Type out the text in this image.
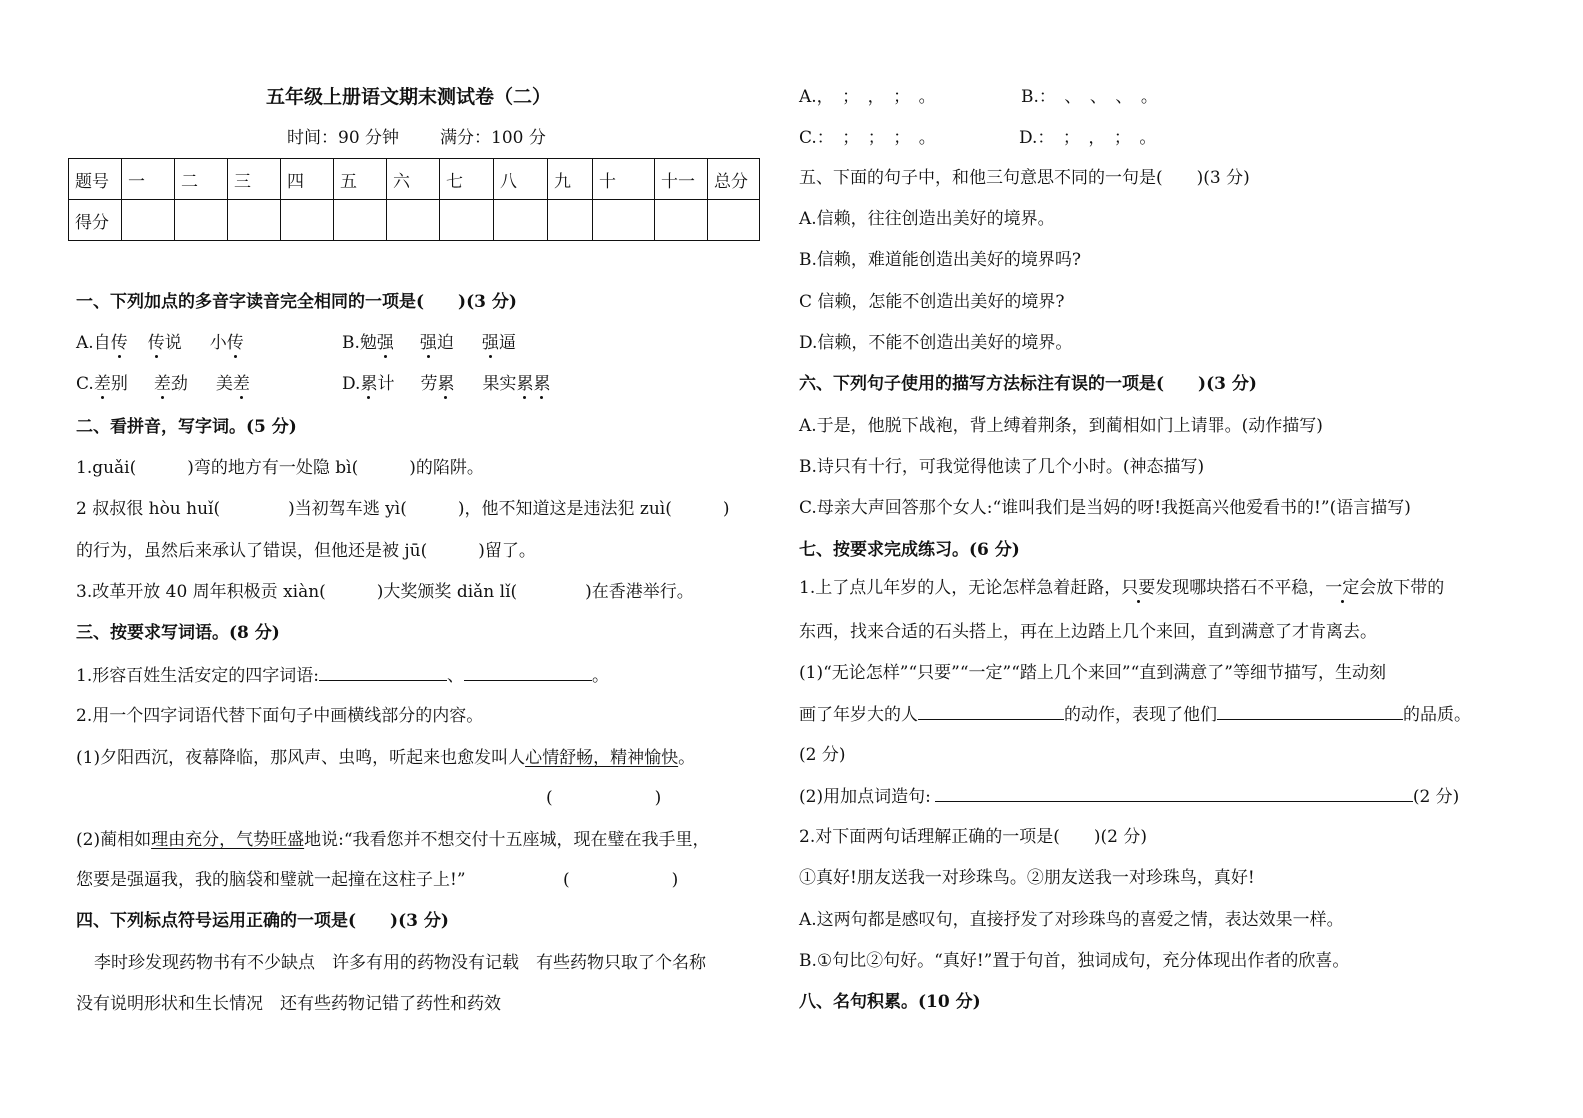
五年级上册语文期末测试卷（二）
时间：90 分钟 满分：100 分
题号	一	二	三	四	五	六	七	八	九	十	十一	总分
得分												
一、下列加点的多音字读音完全相同的一项是(　　)(3 分)
A.自传 传说 小传	B.勉强 强迫 强逼
C.差别 差劲 美差	D.累计 劳累 果实累累
二、看拼音，写字词。(5 分)
1.guǎi(　　　)弯的地方有一处隐 bì(　　　)的陷阱。
2 叔叔很 hòu huǐ(　　　　)当初驾车逃 yì(　　　)，他不知道这是违法犯 zuì(　　　)
的行为，虽然后来承认了错误，但他还是被 jū(　　　)留了。
3.改革开放 40 周年积极贡 xiàn(　　　)大奖颁奖 diǎn lǐ(　　　　)在香港举行。
三、按要求写词语。(8 分)
1.形容百姓生活安定的四字词语:	、	。
2.用一个四字词语代替下面句子中画横线部分的内容。
(1)夕阳西沉，夜幕降临，那风声、虫鸣，听起来也愈发叫人心情舒畅，精神愉快。
(　　　　　　)
(2)蔺相如理由充分，气势旺盛地说:“我看您并不想交付十五座城，现在璧在我手里，
您要是强逼我，我的脑袋和璧就一起撞在这柱子上!”	(　　　　　　)
四、下列标点符号运用正确的一项是(　　)(3 分)
李时珍发现药物书有不少缺点　许多有用的药物没有记载　有些药物只取了个名称
没有说明形状和生长情况　还有些药物记错了药性和药效
A.，　；　，　；　。	B.：　、　、　、　。
C.：　；　；　；　。	D.：　；　，　；　。
五、下面的句子中，和他三句意思不同的一句是(　　)(3 分)
A.信赖，往往创造出美好的境界。
B.信赖，难道能创造出美好的境界吗?
C 信赖，怎能不创造出美好的境界?
D.信赖，不能不创造出美好的境界。
六、下列句子使用的描写方法标注有误的一项是(　　)(3 分)
A.于是，他脱下战袍，背上缚着荆条，到蔺相如门上请罪。(动作描写)
B.诗只有十行，可我觉得他读了几个小时。(神态描写)
C.母亲大声回答那个女人:“谁叫我们是当妈的呀!我挺高兴他爱看书的!”(语言描写)
七、按要求完成练习。(6 分)
1.上了点儿年岁的人，无论怎样急着赶路，只要发现哪块搭石不平稳，一定会放下带的
东西，找来合适的石头搭上，再在上边踏上几个来回，直到满意了才肯离去。
(1)“无论怎样”“只要”“一定”“踏上几个来回”“直到满意了”等细节描写，生动刻
画了年岁大的人	的动作，表现了他们	的品质。
(2 分)
(2)用加点词造句:	(2 分)
2.对下面两句话理解正确的一项是(　　)(2 分)
①真好!朋友送我一对珍珠鸟。②朋友送我一对珍珠鸟，真好!
A.这两句都是感叹句，直接抒发了对珍珠鸟的喜爱之情，表达效果一样。
B.①句比②句好。“真好!”置于句首，独词成句，充分体现出作者的欣喜。
八、名句积累。(10 分)
